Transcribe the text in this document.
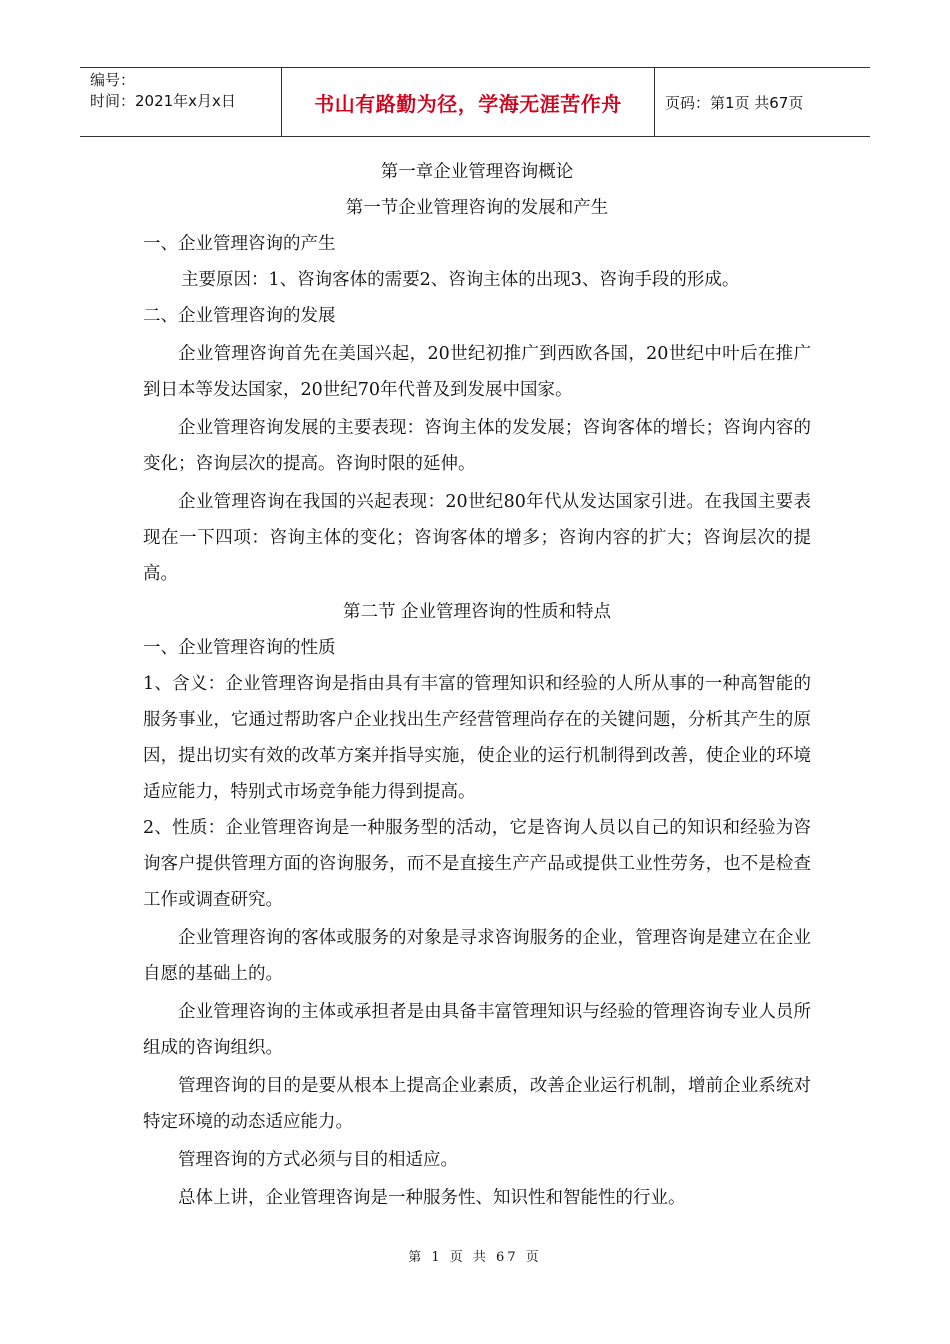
编号：
时间：2021年x月x日	书山有路勤为径，学海无涯苦作舟	页码：第1页 共67页

第一章企业管理咨询概论

第一节企业管理咨询的发展和产生

一、企业管理咨询的产生

主要原因：1、咨询客体的需要2、咨询主体的出现3、咨询手段的形成。

二、企业管理咨询的发展

企业管理咨询首先在美国兴起，20世纪初推广到西欧各国，20世纪中叶后在推广到日本等发达国家，20世纪70年代普及到发展中国家。

企业管理咨询发展的主要表现：咨询主体的发发展；咨询客体的增长；咨询内容的变化；咨询层次的提高。咨询时限的延伸。

企业管理咨询在我国的兴起表现：20世纪80年代从发达国家引进。在我国主要表现在一下四项：咨询主体的变化；咨询客体的增多；咨询内容的扩大；咨询层次的提高。

第二节 企业管理咨询的性质和特点

一、企业管理咨询的性质

1、含义：企业管理咨询是指由具有丰富的管理知识和经验的人所从事的一种高智能的服务事业，它通过帮助客户企业找出生产经营管理尚存在的关键问题，分析其产生的原因，提出切实有效的改革方案并指导实施，使企业的运行机制得到改善，使企业的环境适应能力，特别式市场竞争能力得到提高。

2、性质：企业管理咨询是一种服务型的活动，它是咨询人员以自己的知识和经验为咨询客户提供管理方面的咨询服务，而不是直接生产产品或提供工业性劳务，也不是检查工作或调查研究。

企业管理咨询的客体或服务的对象是寻求咨询服务的企业，管理咨询是建立在企业自愿的基础上的。

企业管理咨询的主体或承担者是由具备丰富管理知识与经验的管理咨询专业人员所组成的咨询组织。

管理咨询的目的是要从根本上提高企业素质，改善企业运行机制，增前企业系统对特定环境的动态适应能力。

管理咨询的方式必须与目的相适应。

总体上讲，企业管理咨询是一种服务性、知识性和智能性的行业。

第 1 页 共 67 页
